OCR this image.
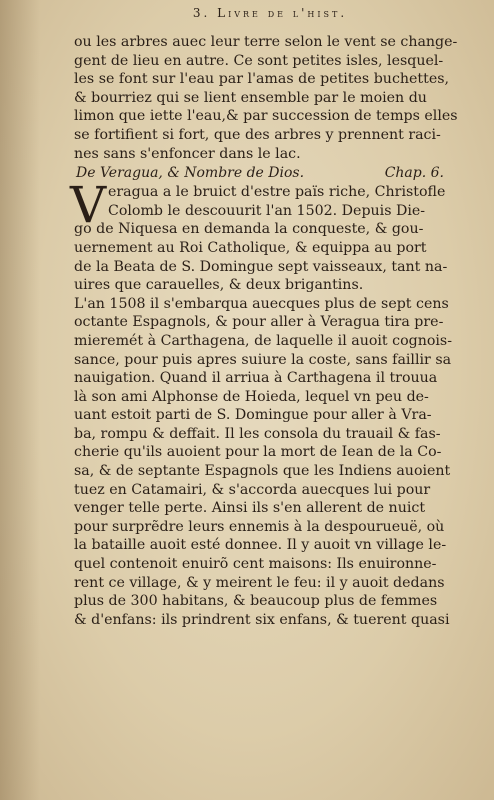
3. Livre de l'hist.
ou les arbres auec leur terre selon le vent se change-
gent de lieu en autre. Ce sont petites isles, lesquel-
les se font sur l'eau par l'amas de petites buchettes,
& bourriez qui se lient ensemble par le moien du
limon que iette l'eau,& par succession de temps elles
se fortifient si fort, que des arbres y prennent raci-
nes sans s'enfoncer dans le lac.
De Veragua, & Nombre de Dios.	Chap. 6.
V eragua a le bruict d'estre païs riche, Christofle
Colomb le descouurit l'an 1502. Depuis Die-
go de Niquesa en demanda la conqueste, & gou-
uernement au Roi Catholique, & equippa au port
de la Beata de S. Domingue sept vaisseaux, tant na-
uires que carauelles, & deux brigantins.
L'an 1508 il s'embarqua auecques plus de sept cens
octante Espagnols, & pour aller à Veragua tira pre-
mieremét à Carthagena, de laquelle il auoit cognois-
sance, pour puis apres suiure la coste, sans faillir sa
nauigation. Quand il arriua à Carthagena il trouua
là son ami Alphonse de Hoieda, lequel vn peu de-
uant estoit parti de S. Domingue pour aller à Vra-
ba, rompu & deffait. Il les consola du trauail & fas-
cherie qu'ils auoient pour la mort de Iean de la Co-
sa, & de septante Espagnols que les Indiens auoient
tuez en Catamairi, & s'accorda auecques lui pour
venger telle perte. Ainsi ils s'en allerent de nuict
pour surprẽdre leurs ennemis à la despourueuë, où
la bataille auoit esté donnee. Il y auoit vn village le-
quel contenoit enuirõ cent maisons: Ils enuironne-
rent ce village, & y meirent le feu: il y auoit dedans
plus de 300 habitans, & beaucoup plus de femmes
& d'enfans: ils prindrent six enfans, & tuerent quasi
